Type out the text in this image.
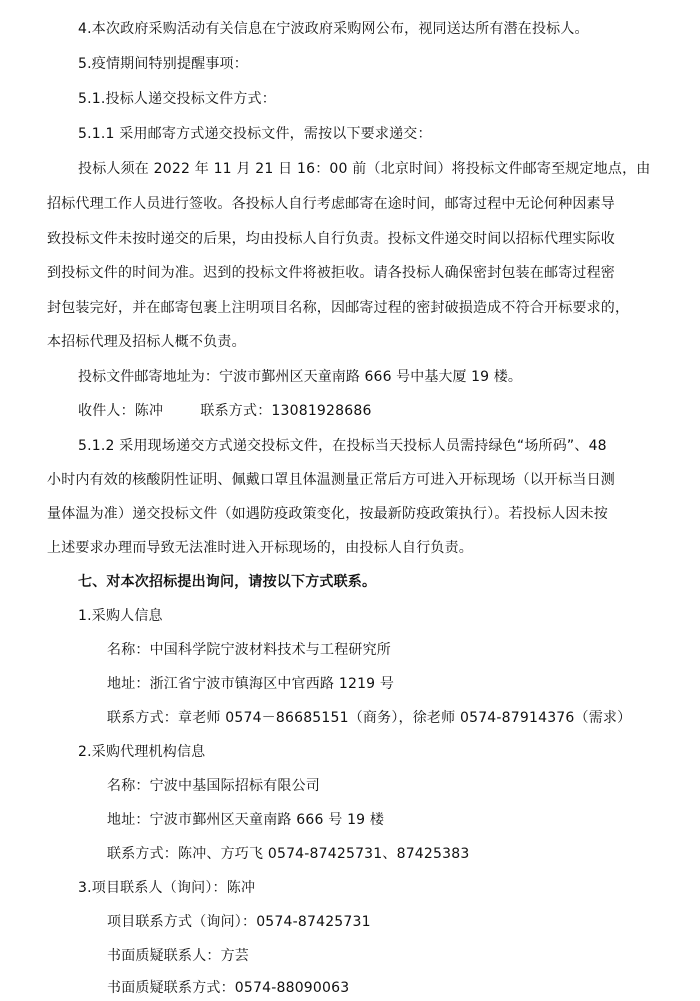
4.本次政府采购活动有关信息在宁波政府采购网公布，视同送达所有潜在投标人。
5.疫情期间特别提醒事项：
5.1.投标人递交投标文件方式：
5.1.1 采用邮寄方式递交投标文件，需按以下要求递交：
投标人须在 2022 年 11 月 21 日 16：00 前（北京时间）将投标文件邮寄至规定地点，由
招标代理工作人员进行签收。各投标人自行考虑邮寄在途时间，邮寄过程中无论何种因素导
致投标文件未按时递交的后果，均由投标人自行负责。投标文件递交时间以招标代理实际收
到投标文件的时间为准。迟到的投标文件将被拒收。请各投标人确保密封包装在邮寄过程密
封包装完好，并在邮寄包裹上注明项目名称，因邮寄过程的密封破损造成不符合开标要求的，
本招标代理及招标人概不负责。
投标文件邮寄地址为：宁波市鄞州区天童南路 666 号中基大厦 19 楼。
收件人：陈冲        联系方式：13081928686
5.1.2 采用现场递交方式递交投标文件，在投标当天投标人员需持绿色“场所码”、48
小时内有效的核酸阴性证明、佩戴口罩且体温测量正常后方可进入开标现场（以开标当日测
量体温为准）递交投标文件（如遇防疫政策变化，按最新防疫政策执行）。若投标人因未按
上述要求办理而导致无法准时进入开标现场的，由投标人自行负责。
七、对本次招标提出询问，请按以下方式联系。
1.采购人信息
名称：中国科学院宁波材料技术与工程研究所
地址：浙江省宁波市镇海区中官西路 1219 号
联系方式：章老师 0574－86685151（商务），徐老师 0574-87914376（需求）
2.采购代理机构信息
名称：宁波中基国际招标有限公司
地址：宁波市鄞州区天童南路 666 号 19 楼
联系方式：陈冲、方巧飞 0574-87425731、87425383
3.项目联系人（询问）：陈冲
项目联系方式（询问）：0574-87425731
书面质疑联系人：方芸
书面质疑联系方式：0574-88090063
